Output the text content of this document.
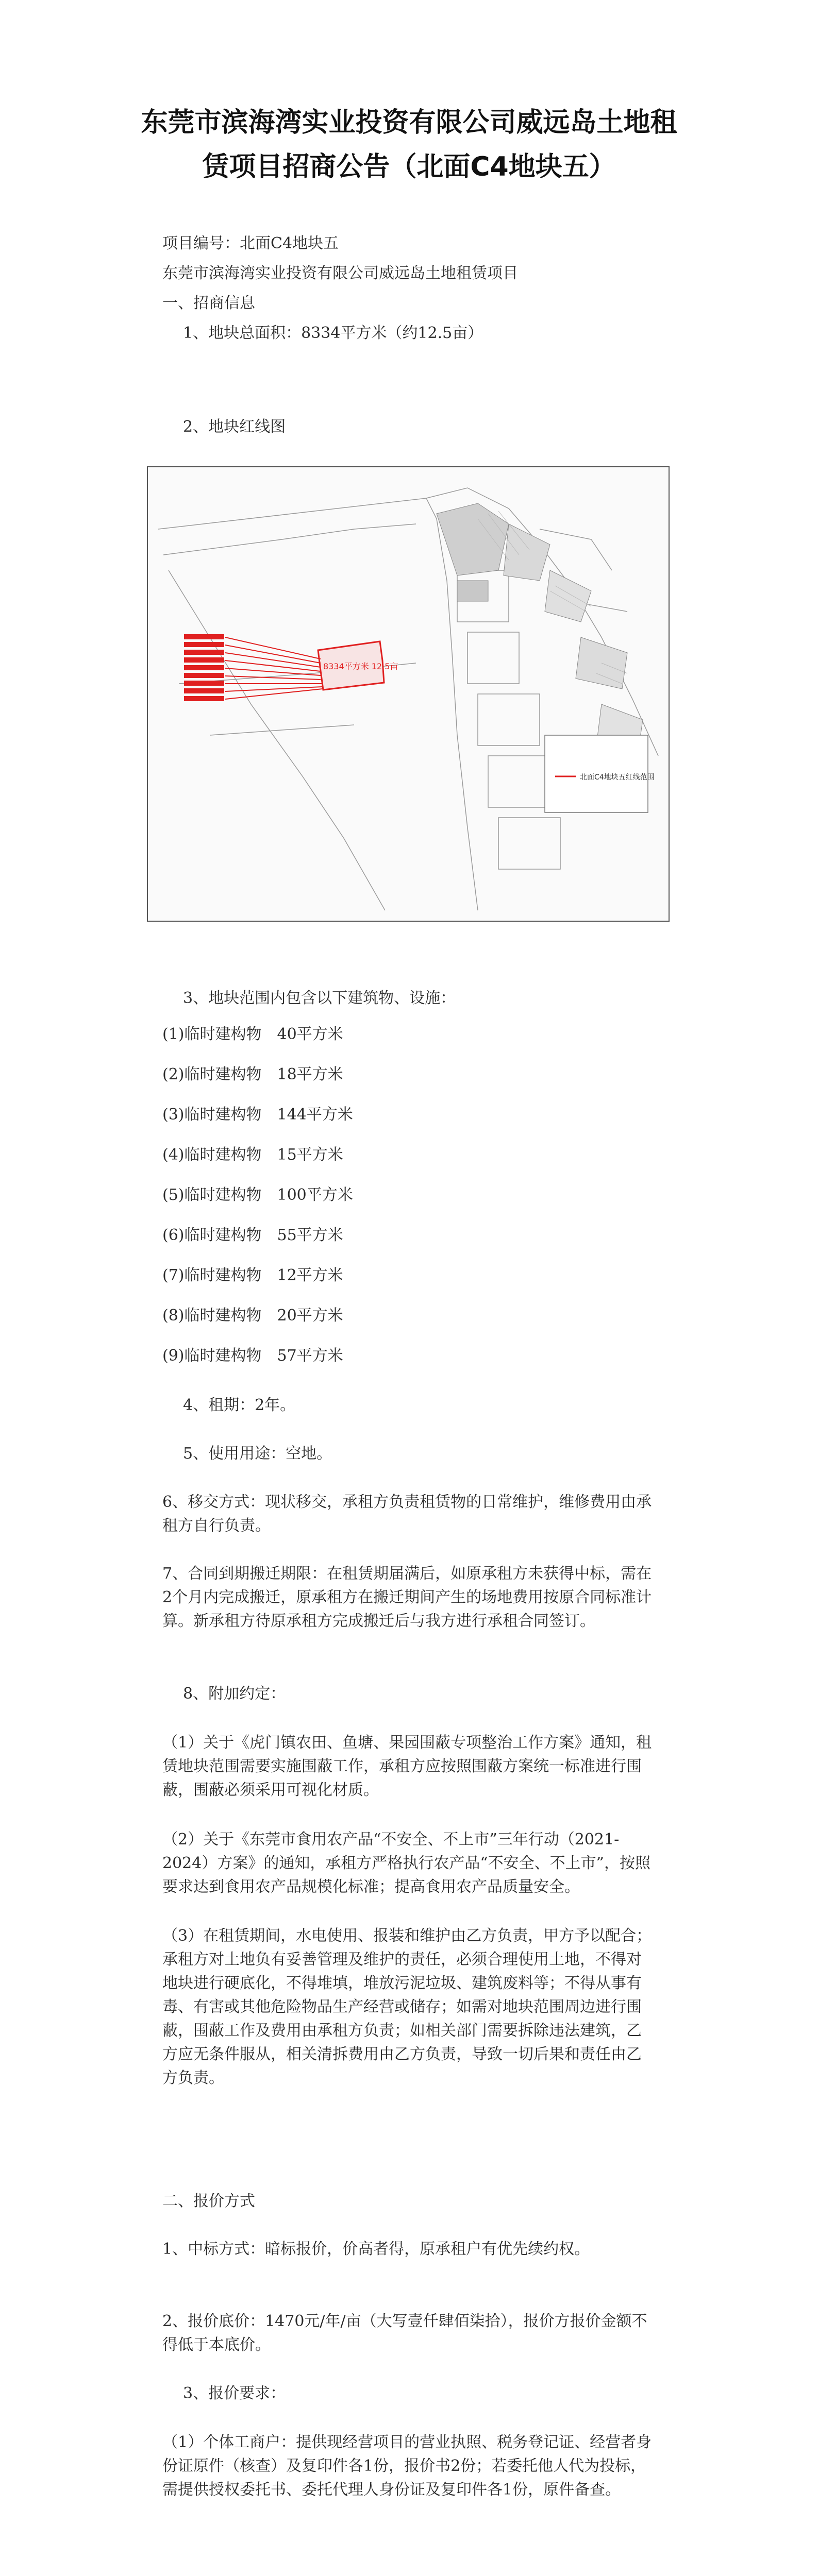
东莞市滨海湾实业投资有限公司威远岛土地租
赁项目招商公告（北面C4地块五）
项目编号：北面C4地块五
东莞市滨海湾实业投资有限公司威远岛土地租赁项目
一、招商信息
1、地块总面积：8334平方米（约12.5亩）
2、地块红线图
8334平方米 12.5亩
北面C4地块五红线范围
3、地块范围内包含以下建筑物、设施：
(1)临时建构物　40平方米
(2)临时建构物　18平方米
(3)临时建构物　144平方米
(4)临时建构物　15平方米
(5)临时建构物　100平方米
(6)临时建构物　55平方米
(7)临时建构物　12平方米
(8)临时建构物　20平方米
(9)临时建构物　57平方米
4、租期：2年。
5、使用用途：空地。
6、移交方式：现状移交，承租方负责租赁物的日常维护，维修费用由承租方自行负责。
7、合同到期搬迁期限：在租赁期届满后，如原承租方未获得中标，需在2个月内完成搬迁，原承租方在搬迁期间产生的场地费用按原合同标准计算。新承租方待原承租方完成搬迁后与我方进行承租合同签订。
8、附加约定：
（1）关于《虎门镇农田、鱼塘、果园围蔽专项整治工作方案》通知，租赁地块范围需要实施围蔽工作，承租方应按照围蔽方案统一标准进行围蔽，围蔽必须采用可视化材质。
（2）关于《东莞市食用农产品“不安全、不上市”三年行动（2021-2024）方案》的通知，承租方严格执行农产品“不安全、不上市”，按照要求达到食用农产品规模化标准；提高食用农产品质量安全。
（3）在租赁期间，水电使用、报装和维护由乙方负责，甲方予以配合；承租方对土地负有妥善管理及维护的责任，必须合理使用土地，不得对地块进行硬底化，不得堆填，堆放污泥垃圾、建筑废料等；不得从事有毒、有害或其他危险物品生产经营或储存；如需对地块范围周边进行围蔽，围蔽工作及费用由承租方负责；如相关部门需要拆除违法建筑，乙方应无条件服从，相关清拆费用由乙方负责，导致一切后果和责任由乙方负责。
二、报价方式
1、中标方式：暗标报价，价高者得，原承租户有优先续约权。
2、报价底价：1470元/年/亩（大写壹仟肆佰柒拾），报价方报价金额不得低于本底价。
3、报价要求：
（1）个体工商户：提供现经营项目的营业执照、税务登记证、经营者身份证原件（核查）及复印件各1份，报价书2份；若委托他人代为投标，需提供授权委托书、委托代理人身份证及复印件各1份，原件备查。
